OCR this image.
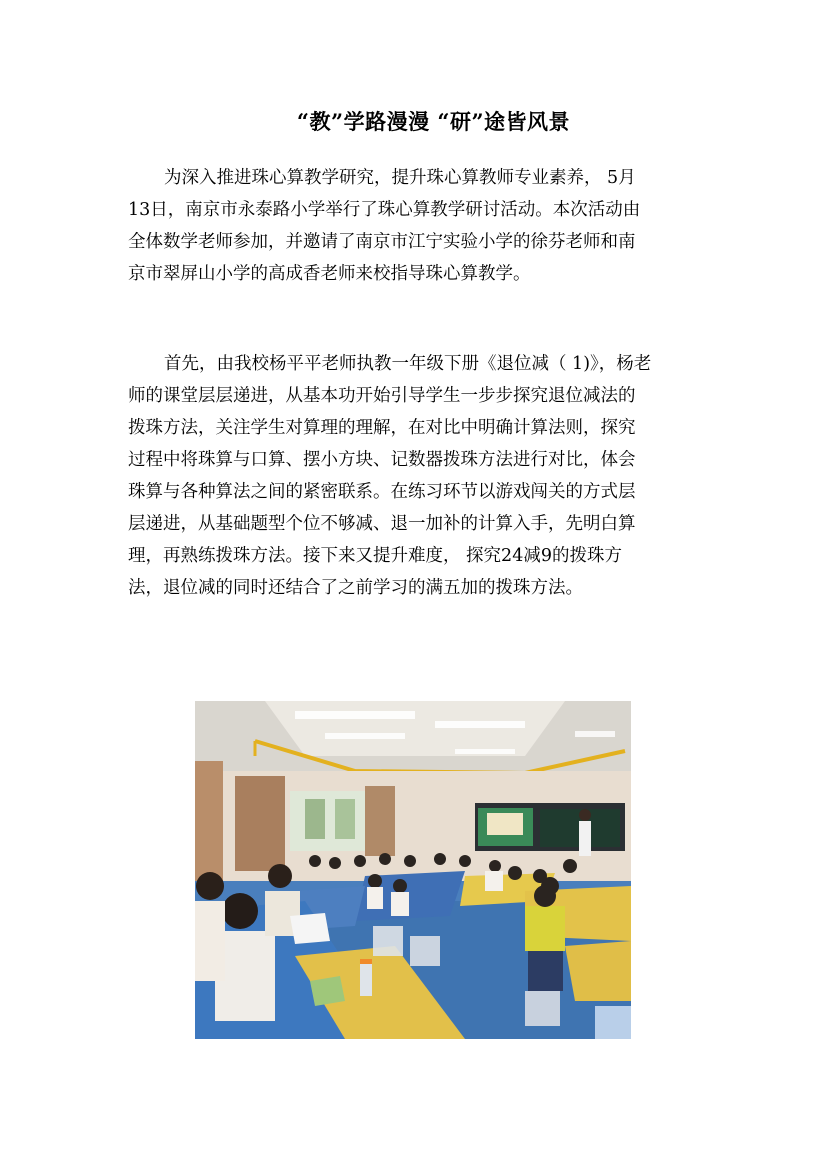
“教”学路漫漫 “研”途皆风景
为深入推进珠心算教学研究，提升珠心算教师专业素养， 5月
13日，南京市永泰路小学举行了珠心算教学研讨活动。本次活动由
全体数学老师参加，并邀请了南京市江宁实验小学的徐芬老师和南
京市翠屏山小学的高成香老师来校指导珠心算教学。
首先，由我校杨平平老师执教一年级下册《退位减（ 1)》，杨老
师的课堂层层递进，从基本功开始引导学生一步步探究退位减法的
拨珠方法，关注学生对算理的理解，在对比中明确计算法则，探究
过程中将珠算与口算、摆小方块、记数器拨珠方法进行对比，体会
珠算与各种算法之间的紧密联系。在练习环节以游戏闯关的方式层
层递进，从基础题型个位不够减、退一加补的计算入手，先明白算
理，再熟练拨珠方法。接下来又提升难度， 探究24减9的拨珠方
法，退位减的同时还结合了之前学习的满五加的拨珠方法。
